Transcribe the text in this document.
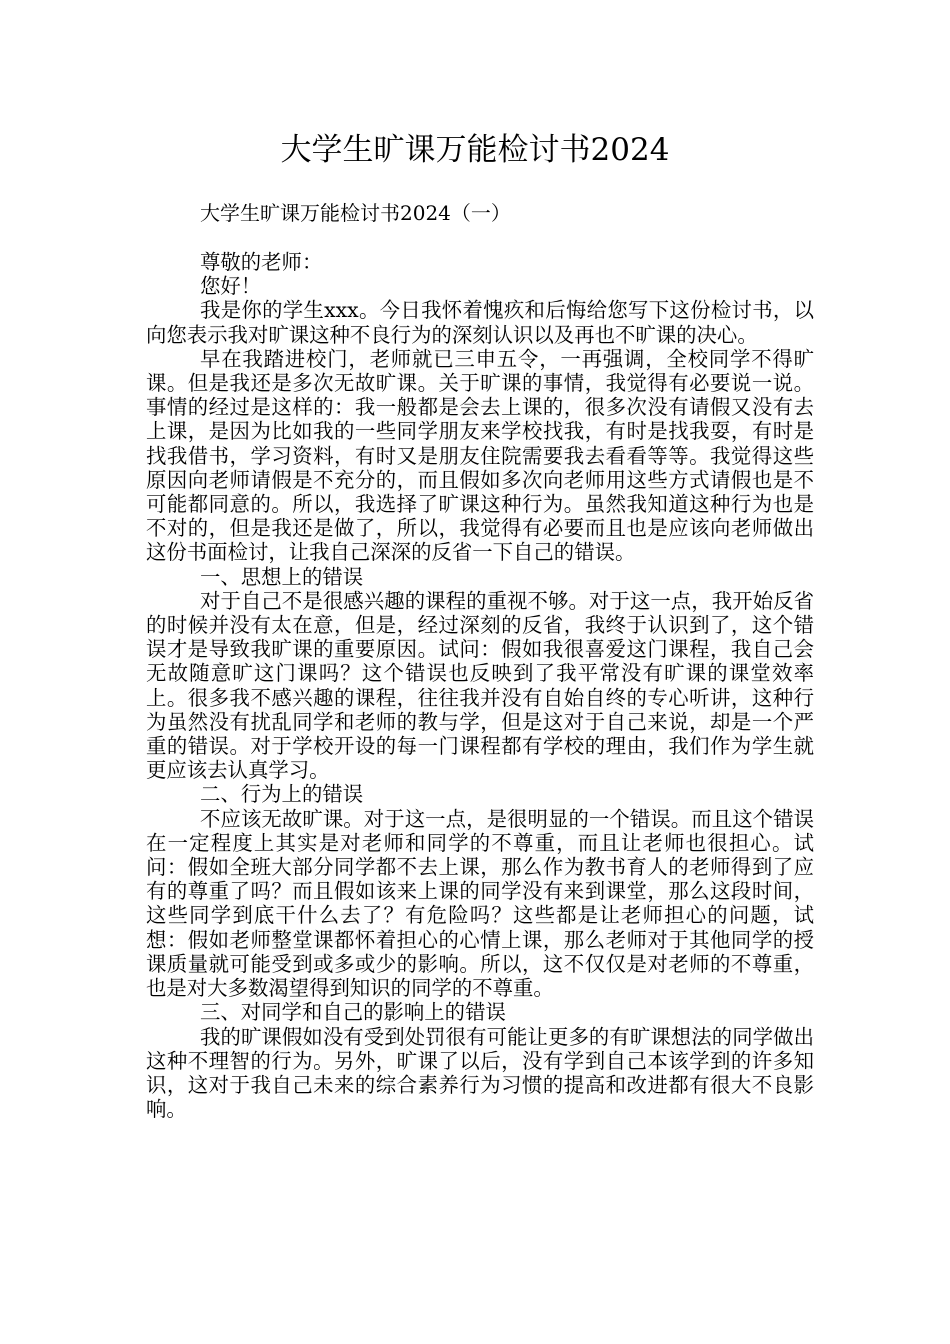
大学生旷课万能检讨书2024
大学生旷课万能检讨书2024（一）

尊敬的老师：

您好！

我是你的学生xxx。今日我怀着愧疚和后悔给您写下这份检讨书，以向您表示我对旷课这种不良行为的深刻认识以及再也不旷课的决心。

早在我踏进校门，老师就已三申五令，一再强调，全校同学不得旷课。但是我还是多次无故旷课。关于旷课的事情，我觉得有必要说一说。事情的经过是这样的：我一般都是会去上课的，很多次没有请假又没有去上课，是因为比如我的一些同学朋友来学校找我，有时是找我耍，有时是找我借书，学习资料，有时又是朋友住院需要我去看看等等。我觉得这些原因向老师请假是不充分的，而且假如多次向老师用这些方式请假也是不可能都同意的。所以，我选择了旷课这种行为。虽然我知道这种行为也是不对的，但是我还是做了，所以，我觉得有必要而且也是应该向老师做出这份书面检讨，让我自己深深的反省一下自己的错误。

一、思想上的错误

对于自己不是很感兴趣的课程的重视不够。对于这一点，我开始反省的时候并没有太在意，但是，经过深刻的反省，我终于认识到了，这个错误才是导致我旷课的重要原因。试问：假如我很喜爱这门课程，我自己会无故随意旷这门课吗？这个错误也反映到了我平常没有旷课的课堂效率上。很多我不感兴趣的课程，往往我并没有自始自终的专心听讲，这种行为虽然没有扰乱同学和老师的教与学，但是这对于自己来说，却是一个严重的错误。对于学校开设的每一门课程都有学校的理由，我们作为学生就更应该去认真学习。

二、行为上的错误

不应该无故旷课。对于这一点，是很明显的一个错误。而且这个错误在一定程度上其实是对老师和同学的不尊重，而且让老师也很担心。试问：假如全班大部分同学都不去上课，那么作为教书育人的老师得到了应有的尊重了吗？而且假如该来上课的同学没有来到课堂，那么这段时间，这些同学到底干什么去了？有危险吗？这些都是让老师担心的问题，试想：假如老师整堂课都怀着担心的心情上课，那么老师对于其他同学的授课质量就可能受到或多或少的影响。所以，这不仅仅是对老师的不尊重，也是对大多数渴望得到知识的同学的不尊重。

三、对同学和自己的影响上的错误

我的旷课假如没有受到处罚很有可能让更多的有旷课想法的同学做出这种不理智的行为。另外，旷课了以后，没有学到自己本该学到的许多知识，这对于我自己未来的综合素养行为习惯的提高和改进都有很大不良影响。
